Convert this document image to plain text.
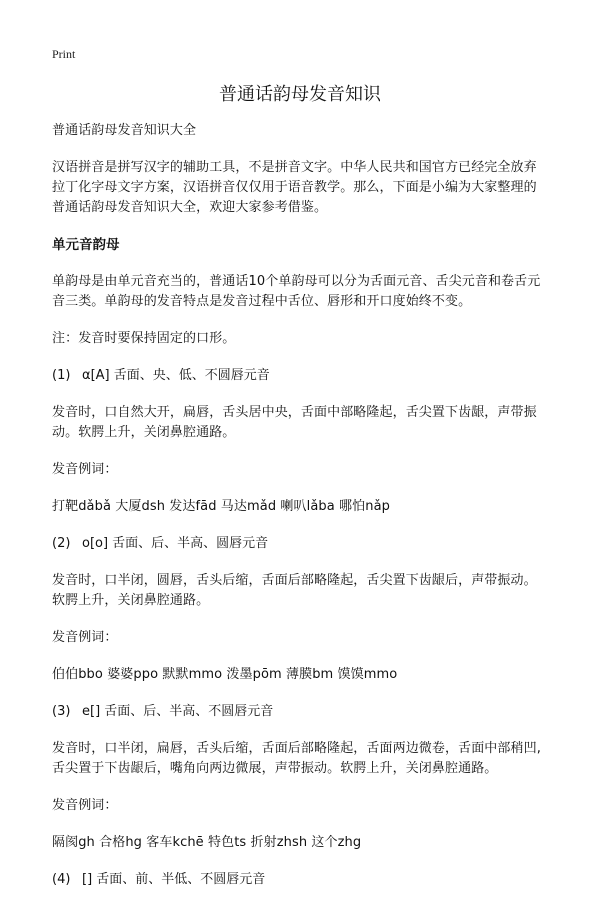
Print
普通话韵母发音知识

普通话韵母发音知识大全

汉语拼音是拼写汉字的辅助工具，不是拼音文字。中华人民共和国官方已经完全放弃拉丁化字母文字方案，汉语拼音仅仅用于语音教学。那么，下面是小编为大家整理的普通话韵母发音知识大全，欢迎大家参考借鉴。

单元音韵母

单韵母是由单元音充当的，普通话10个单韵母可以分为舌面元音、舌尖元音和卷舌元音三类。单韵母的发音特点是发音过程中舌位、唇形和开口度始终不变。

注：发音时要保持固定的口形。

(1) α[A] 舌面、央、低、不圆唇元音

发音时，口自然大开，扁唇，舌头居中央，舌面中部略隆起，舌尖置下齿龈，声带振动。软腭上升，关闭鼻腔通路。

发音例词：

打靶dǎbǎ 大厦dsh 发达fād 马达mǎd 喇叭lǎba 哪怕nǎp

(2) o[o] 舌面、后、半高、圆唇元音

发音时，口半闭，圆唇，舌头后缩，舌面后部略隆起，舌尖置下齿龈后，声带振动。软腭上升，关闭鼻腔通路。

发音例词：

伯伯bbo 婆婆ppo 默默mmo 泼墨pōm 薄膜bm 馍馍mmo

(3) e[] 舌面、后、半高、不圆唇元音

发音时，口半闭，扁唇，舌头后缩，舌面后部略隆起，舌面两边微卷，舌面中部稍凹,舌尖置于下齿龈后，嘴角向两边微展，声带振动。软腭上升，关闭鼻腔通路。

发音例词：

隔阂gh 合格hg 客车kchē 特色ts 折射zhsh 这个zhg

(4) [] 舌面、前、半低、不圆唇元音
